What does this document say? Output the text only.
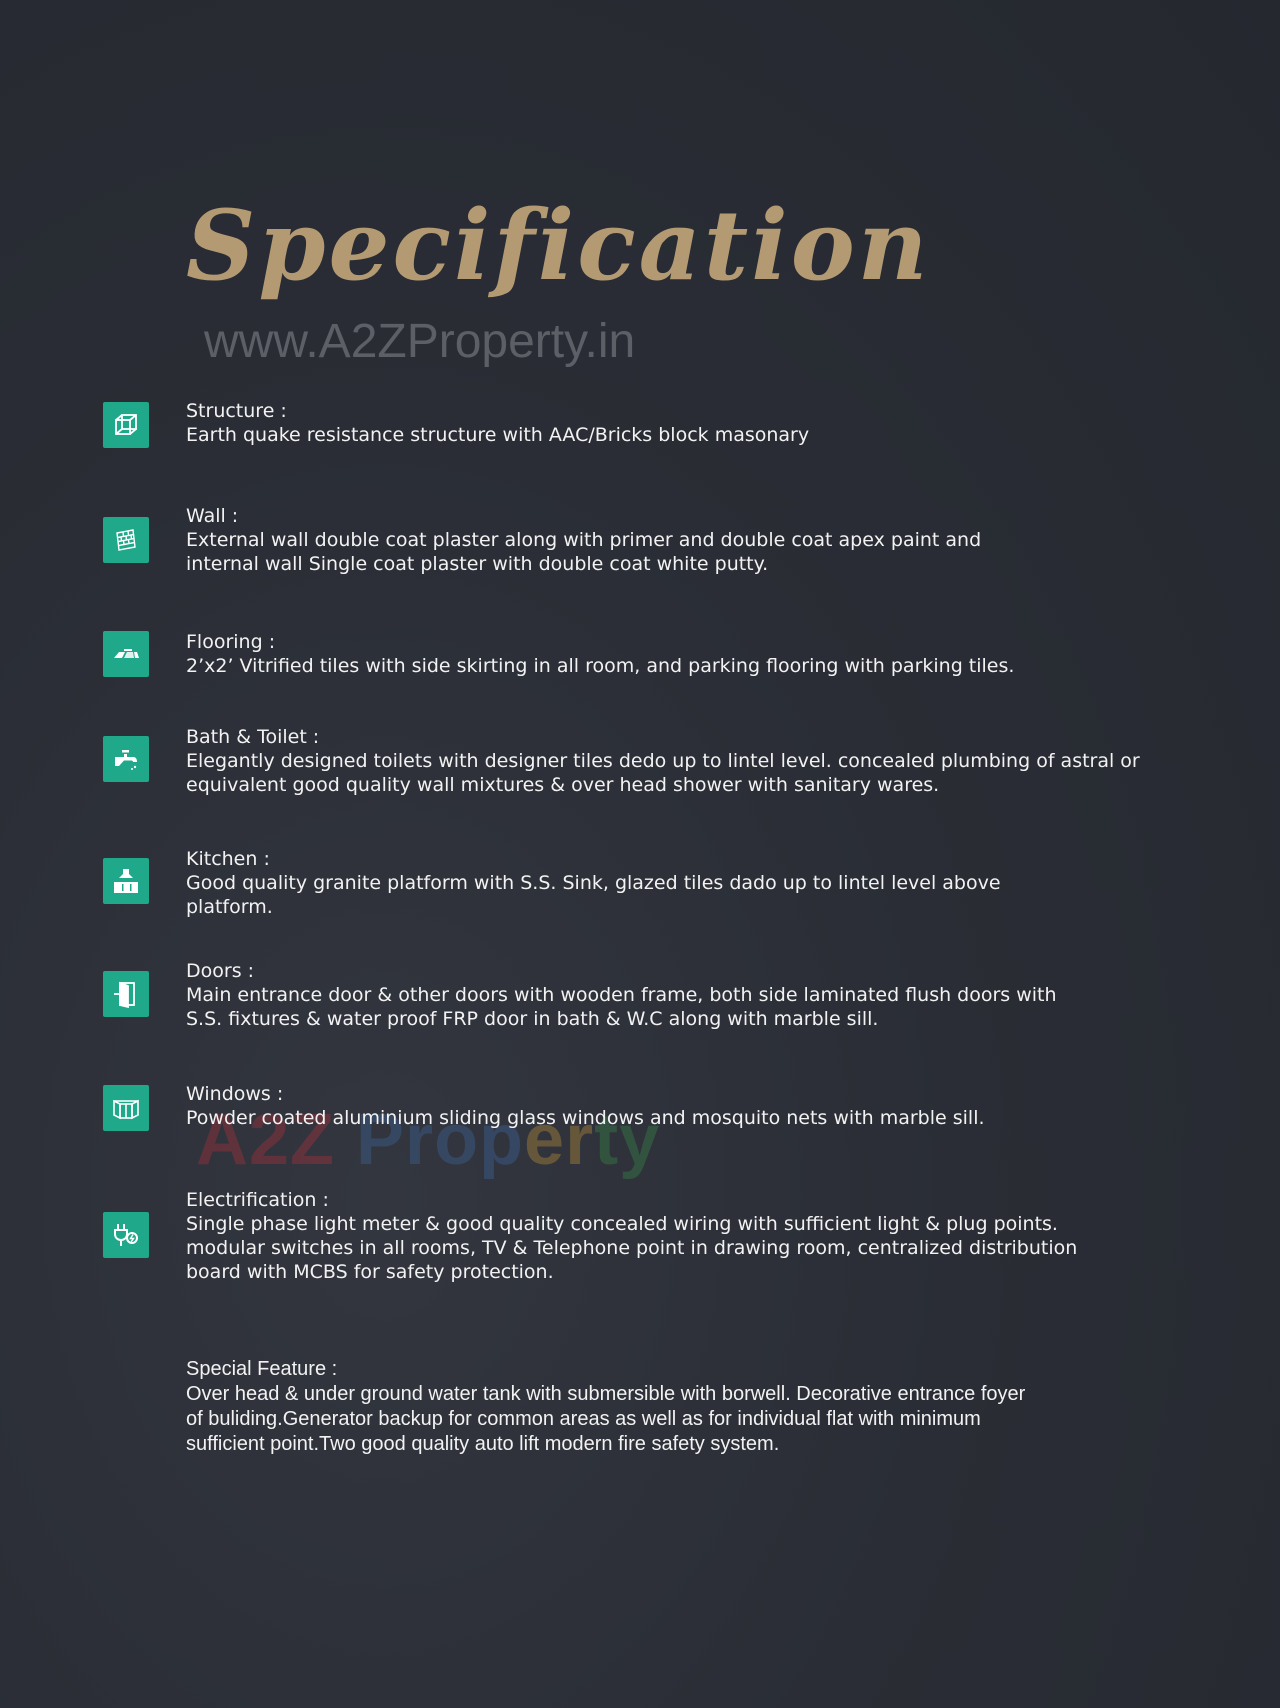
Specification
www.A2ZProperty.in
A2Z Property

Structure :

Earth quake resistance structure with AAC/Bricks block masonary

Wall :

External wall double coat plaster along with primer and double coat apex paint and
internal wall Single coat plaster with double coat white putty.

Flooring :

2’x2’ Vitrified tiles with side skirting in all room, and parking flooring with parking tiles.

Bath & Toilet :

Elegantly designed toilets with designer tiles dedo up to lintel level. concealed plumbing of astral or
equivalent good quality wall mixtures & over head shower with sanitary wares.

Kitchen :

Good quality granite platform with S.S. Sink, glazed tiles dado up to lintel level above
platform.

Doors :

Main entrance door & other doors with wooden frame, both side laminated flush doors with
S.S. fixtures & water proof FRP door in bath & W.C along with marble sill.

Windows :

Powder coated aluminium sliding glass windows and mosquito nets with marble sill.

Electrification :

Single phase light meter & good quality concealed wiring with sufficient light & plug points.
modular switches in all rooms, TV & Telephone point in drawing room, centralized distribution
board with MCBS for safety protection.

Special Feature :

Over head & under ground water tank with submersible with borwell. Decorative entrance foyer
of buliding.Generator backup for common areas as well as for individual flat with minimum
sufficient point.Two good quality auto lift modern fire safety system.
